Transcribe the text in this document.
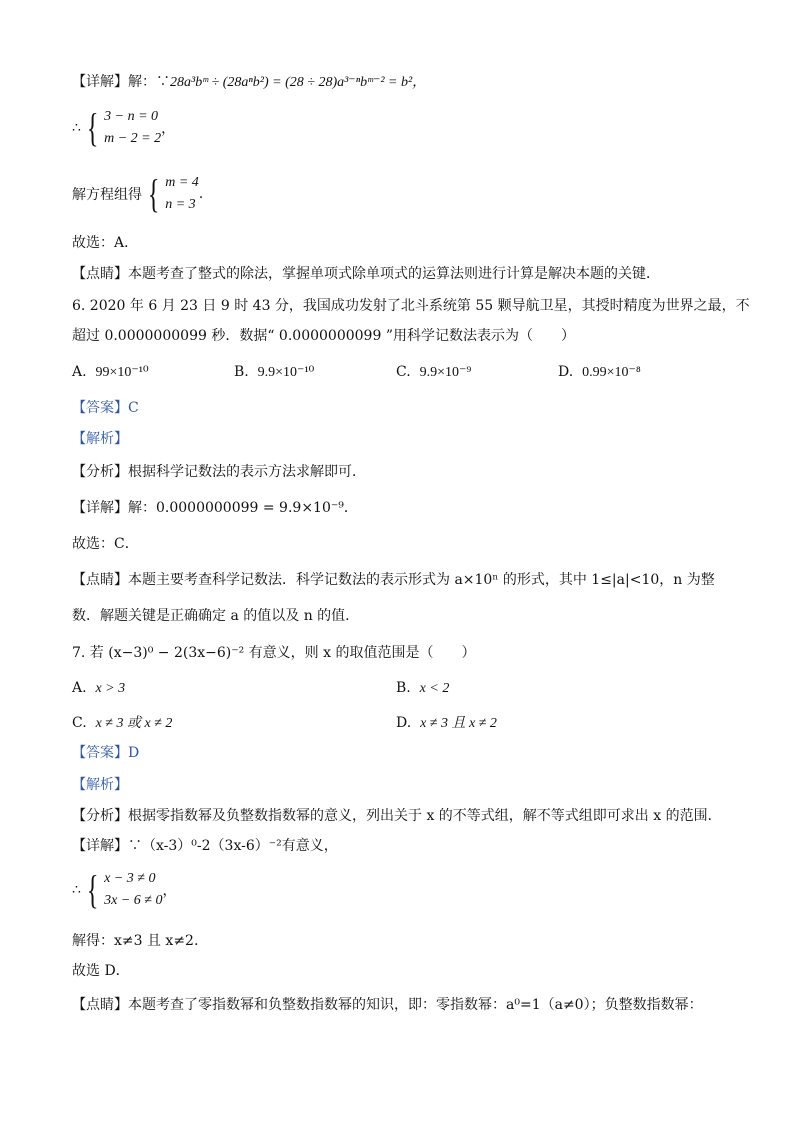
【详解】解：∵28a³bᵐ ÷ (28aⁿb²) = (28 ÷ 28)a³⁻ⁿbᵐ⁻² = b²，
∴ { 3 − n = 0
m − 2 = 2
，
解方程组得 { m = 4
n = 3
.
故选：A．
【点睛】本题考查了整式的除法，掌握单项式除单项式的运算法则进行计算是解决本题的关键．
6. 2020 年 6 月 23 日 9 时 43 分，我国成功发射了北斗系统第 55 颗导航卫星，其授时精度为世界之最，不
超过 0.0000000099 秒．数据“ 0.0000000099 ”用科学记数法表示为（　　）
A. 99×10⁻¹⁰	B. 9.9×10⁻¹⁰	C. 9.9×10⁻⁹	D. 0.99×10⁻⁸
【答案】C
【解析】
【分析】根据科学记数法的表示方法求解即可．
【详解】解：0.0000000099 = 9.9×10⁻⁹．
故选：C．
【点睛】本题主要考查科学记数法．科学记数法的表示形式为 a×10ⁿ 的形式，其中 1≤|a|<10，n 为整
数．解题关键是正确确定 a 的值以及 n 的值.
7. 若 (x−3)⁰ − 2(3x−6)⁻² 有意义，则 x 的取值范围是（　　）
A. x > 3	B. x < 2
C. x ≠ 3 或 x ≠ 2	D. x ≠ 3 且 x ≠ 2
【答案】D
【解析】
【分析】根据零指数幂及负整数指数幂的意义，列出关于 x 的不等式组，解不等式组即可求出 x 的范围．
【详解】∵（x-3）⁰-2（3x-6）⁻²有意义，
∴ { x − 3 ≠ 0
3x − 6 ≠ 0
，
解得：x≠3 且 x≠2.
故选 D．
【点睛】本题考查了零指数幂和负整数指数幂的知识，即：零指数幂：a⁰=1（a≠0）；负整数指数幂：
